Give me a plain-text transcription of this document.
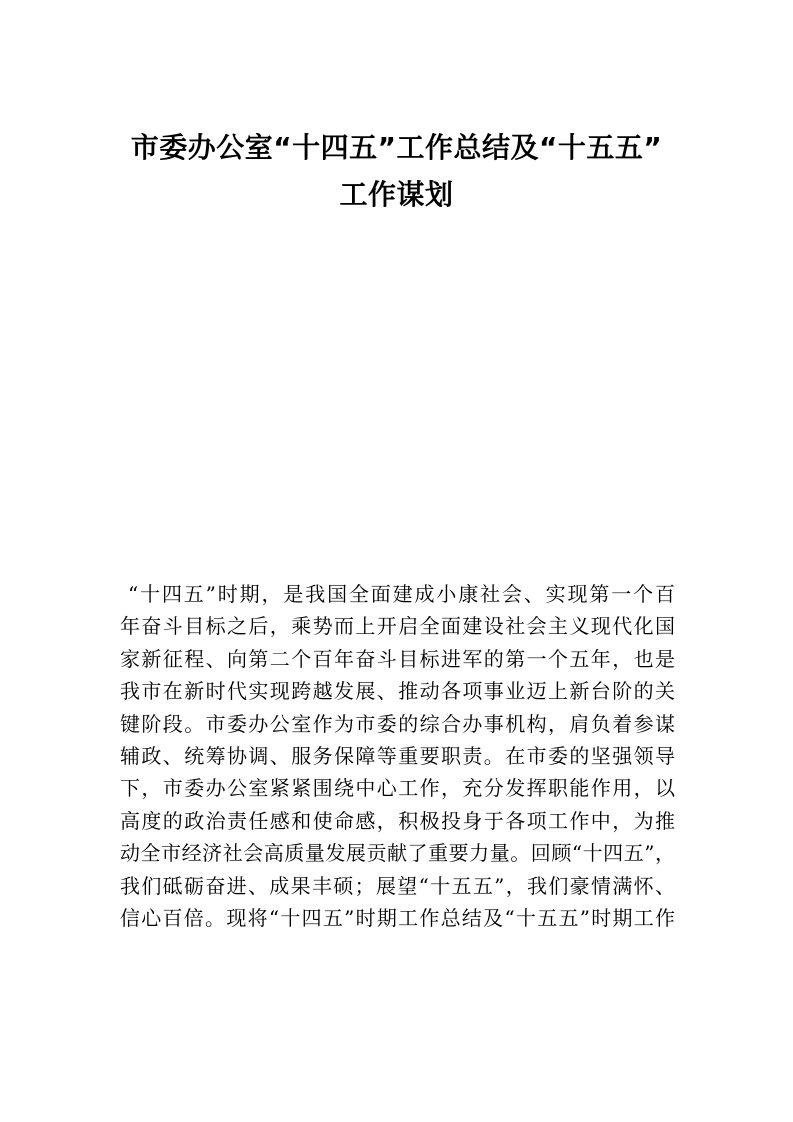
市委办公室“十四五”工作总结及“十五五”
工作谋划
“十四五”时期，是我国全面建成小康社会、实现第一个百
年奋斗目标之后，乘势而上开启全面建设社会主义现代化国
家新征程、向第二个百年奋斗目标进军的第一个五年，也是
我市在新时代实现跨越发展、推动各项事业迈上新台阶的关
键阶段。市委办公室作为市委的综合办事机构，肩负着参谋
辅政、统筹协调、服务保障等重要职责。在市委的坚强领导
下，市委办公室紧紧围绕中心工作，充分发挥职能作用，以
高度的政治责任感和使命感，积极投身于各项工作中，为推
动全市经济社会高质量发展贡献了重要力量。回顾“十四五”，
我们砥砺奋进、成果丰硕；展望“十五五”，我们豪情满怀、
信心百倍。现将“十四五”时期工作总结及“十五五”时期工作
